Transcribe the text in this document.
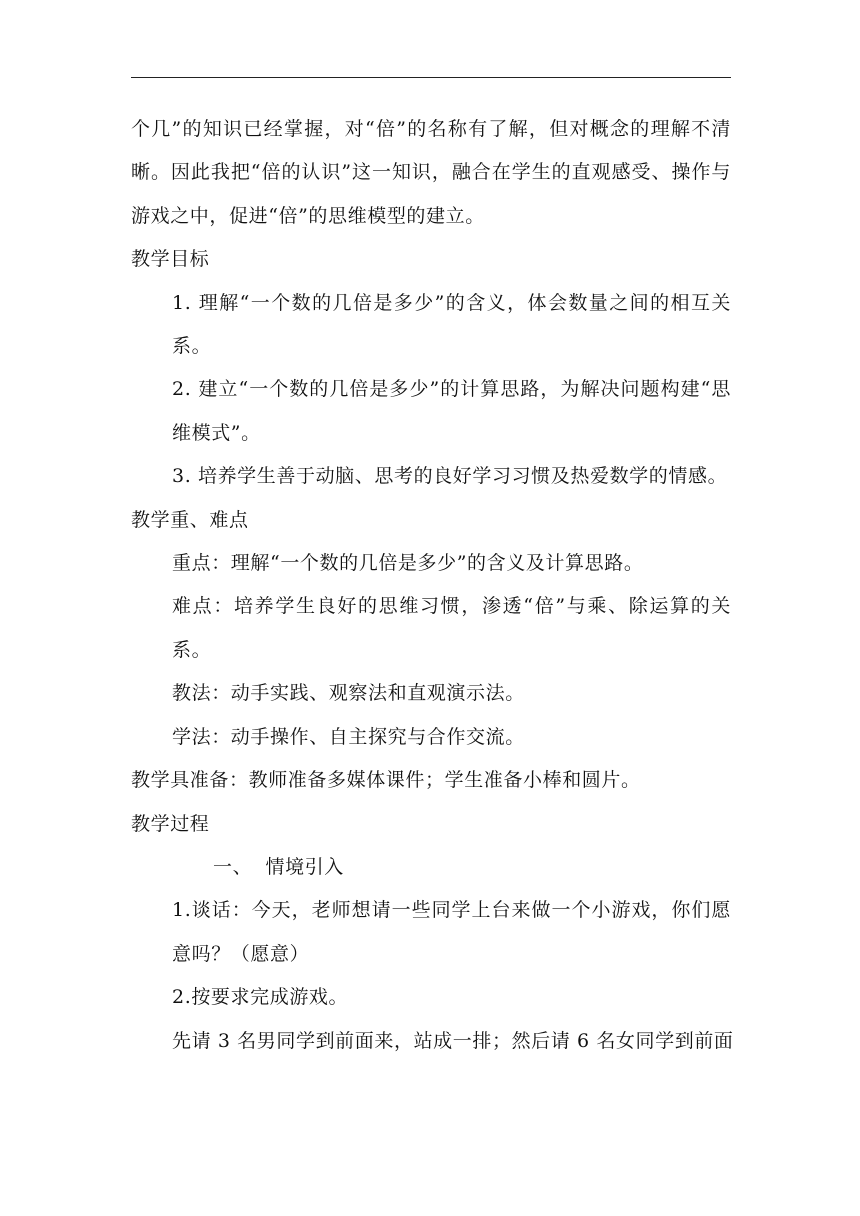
个几”的知识已经掌握，对“倍”的名称有了解，但对概念的理解不清晰。因此我把“倍的认识”这一知识，融合在学生的直观感受、操作与游戏之中，促进“倍”的思维模型的建立。

教学目标

1. 理解“一个数的几倍是多少”的含义，体会数量之间的相互关系。

2. 建立“一个数的几倍是多少”的计算思路，为解决问题构建“思维模式”。

3. 培养学生善于动脑、思考的良好学习习惯及热爱数学的情感。

教学重、难点

重点：理解“一个数的几倍是多少”的含义及计算思路。

难点：培养学生良好的思维习惯，渗透“倍”与乘、除运算的关系。

教法：动手实践、观察法和直观演示法。

学法：动手操作、自主探究与合作交流。

教学具准备：教师准备多媒体课件；学生准备小棒和圆片。

教学过程

一、  情境引入

1.谈话：今天，老师想请一些同学上台来做一个小游戏，你们愿意吗？（愿意）

2.按要求完成游戏。

先请 3 名男同学到前面来，站成一排；然后请 6 名女同学到前面
